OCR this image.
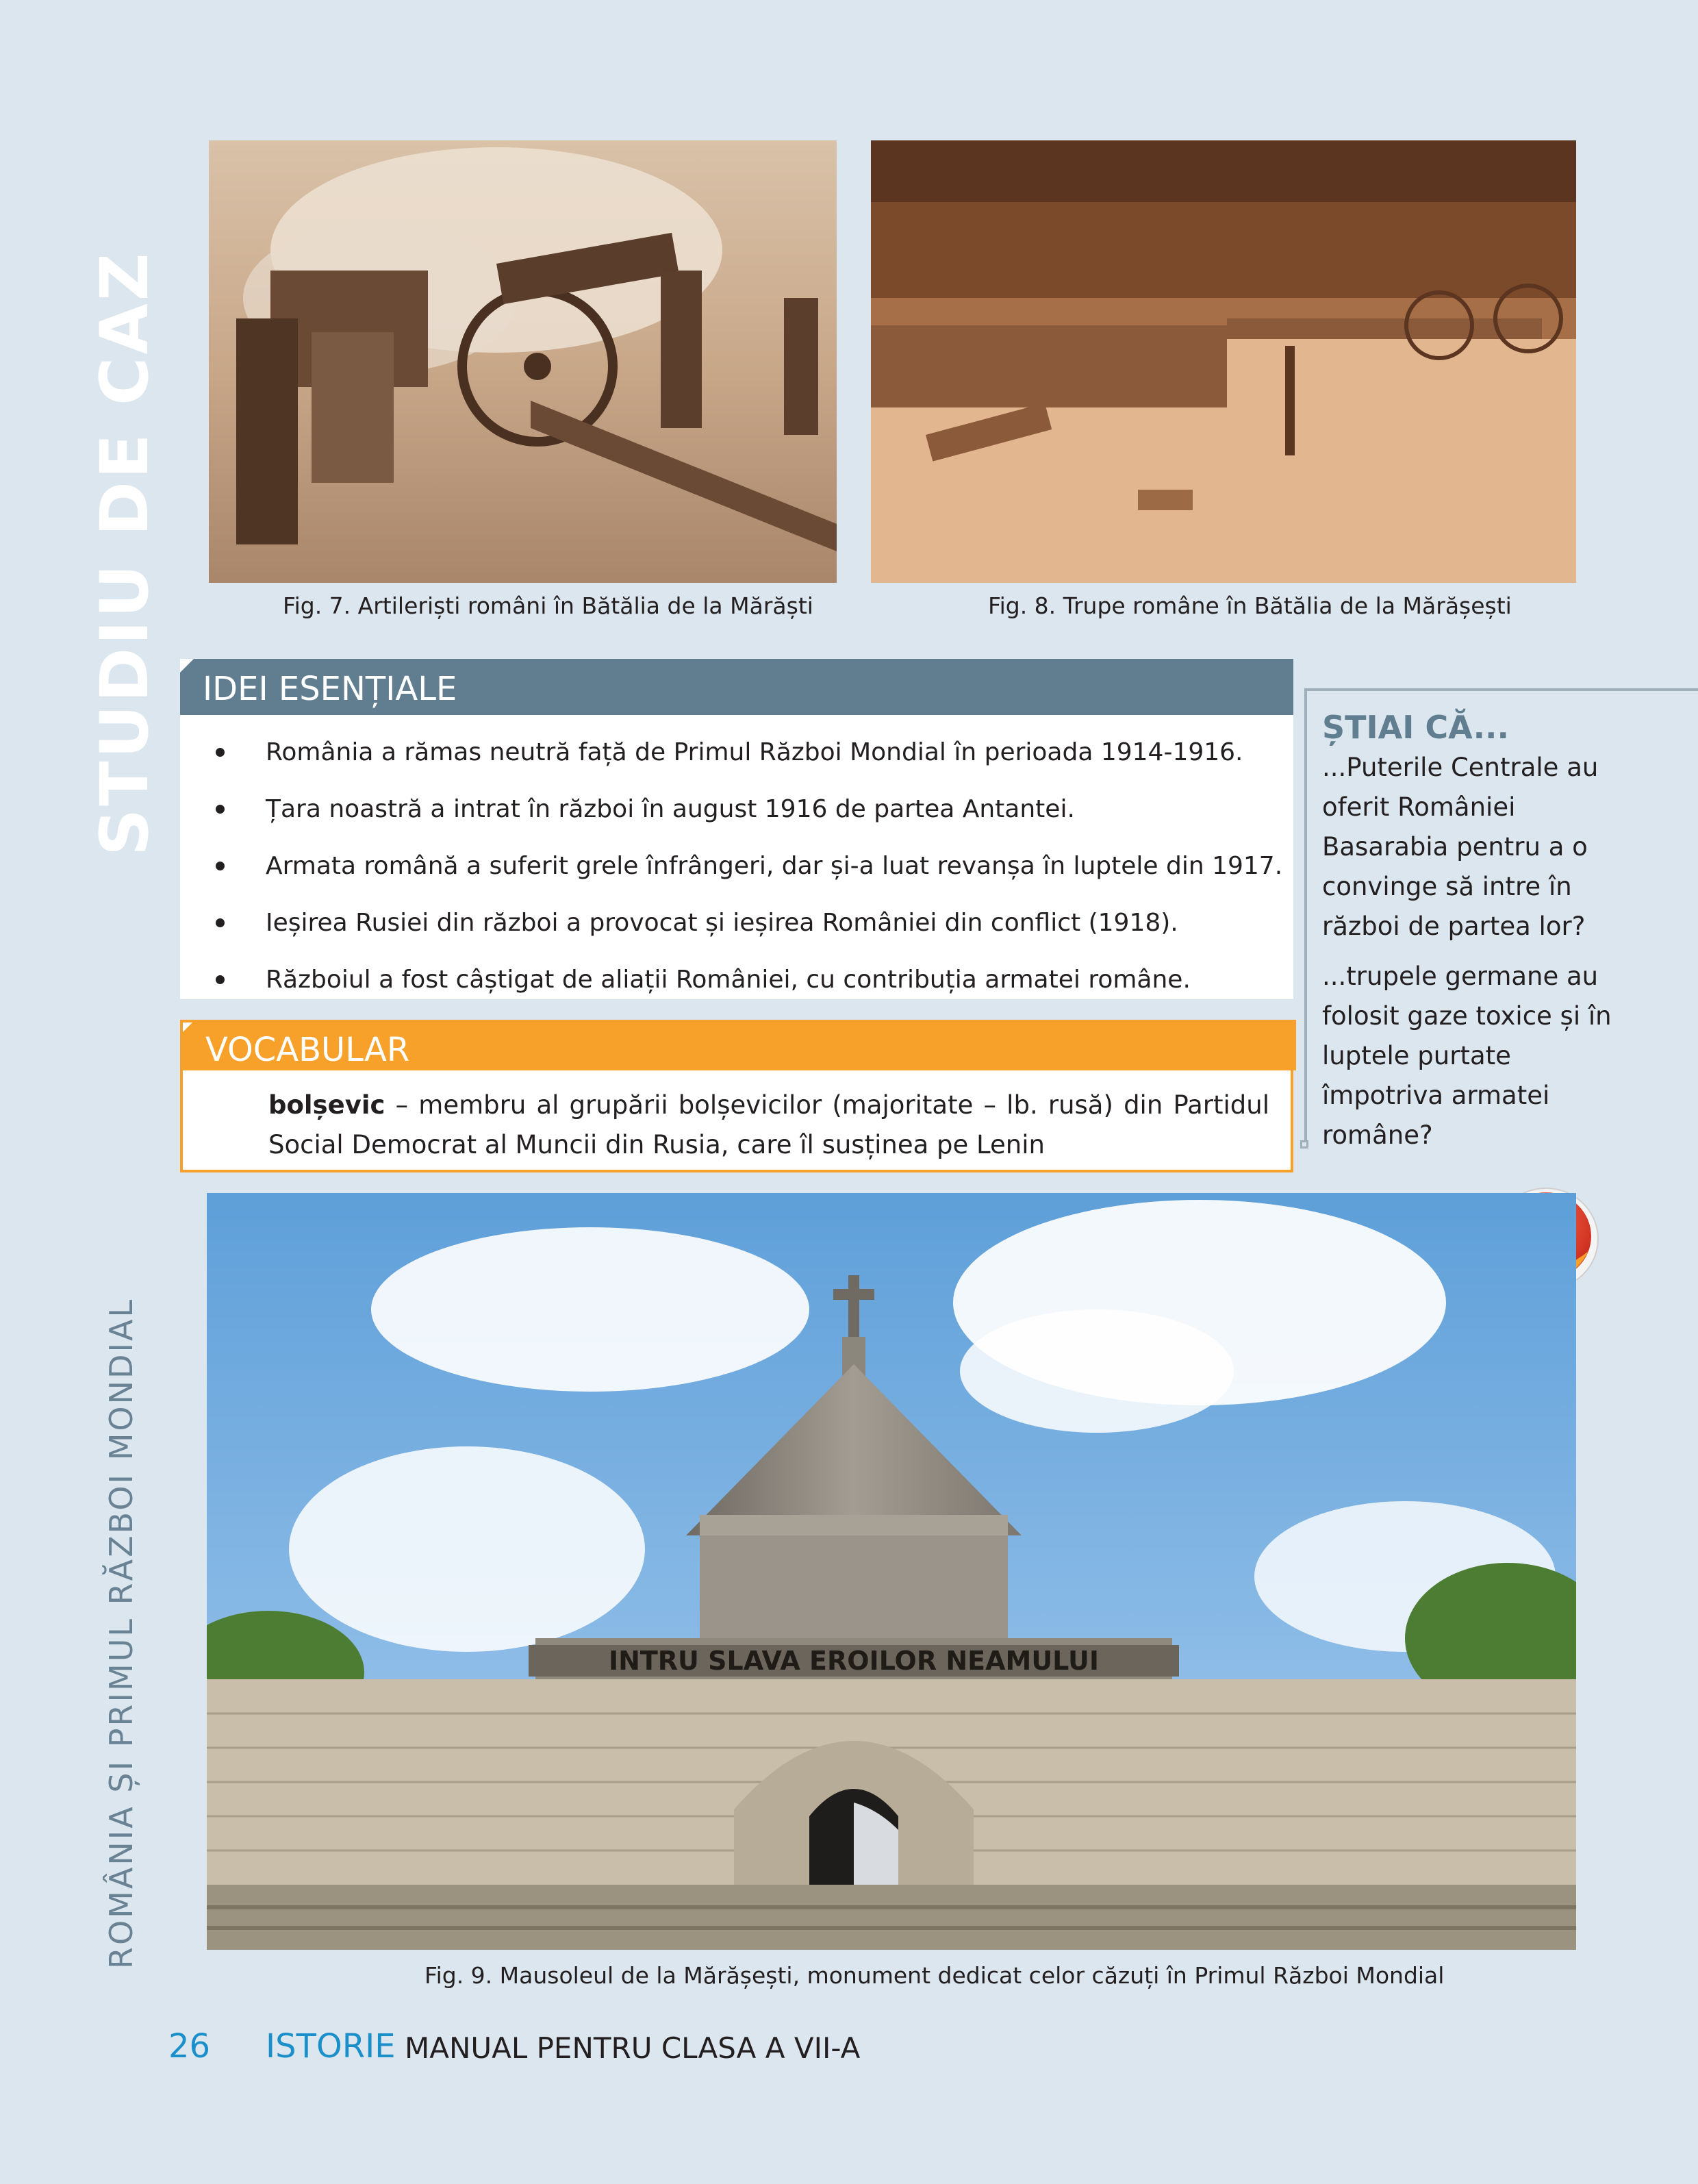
STUDIU DE CAZ
ROMÂNIA ȘI PRIMUL RĂZBOI MONDIAL
Fig. 7. Artileriști români în Bătălia de la Mărăști	Fig. 8. Trupe române în Bătălia de la Mărășești
IDEI ESENȚIALE
România a rămas neutră față de Primul Război Mondial în perioada 1914-1916.
Țara noastră a intrat în război în august 1916 de partea Antantei.
Armata română a suferit grele înfrângeri, dar și-a luat revanșa în luptele din 1917.
Ieșirea Rusiei din război a provocat și ieșirea României din conflict (1918).
Războiul a fost câștigat de aliații României, cu contribuția armatei române.
VOCABULAR
bolșevic – membru al grupării bolșevicilor (majoritate – lb. rusă) din Partidul Social Democrat al Muncii din Rusia, care îl susținea pe Lenin
ȘTIAI CĂ...
...Puterile Centrale au oferit României Basarabia pentru a o convinge să intre în război de partea lor?
...trupele germane au folosit gaze toxice și în luptele purtate împotriva armatei române?
INTRU SLAVA EROILOR NEAMULUI
Fig. 9. Mausoleul de la Mărășești, monument dedicat celor căzuți în Primul Război Mondial
26 ISTORIE MANUAL PENTRU CLASA A VII-A
